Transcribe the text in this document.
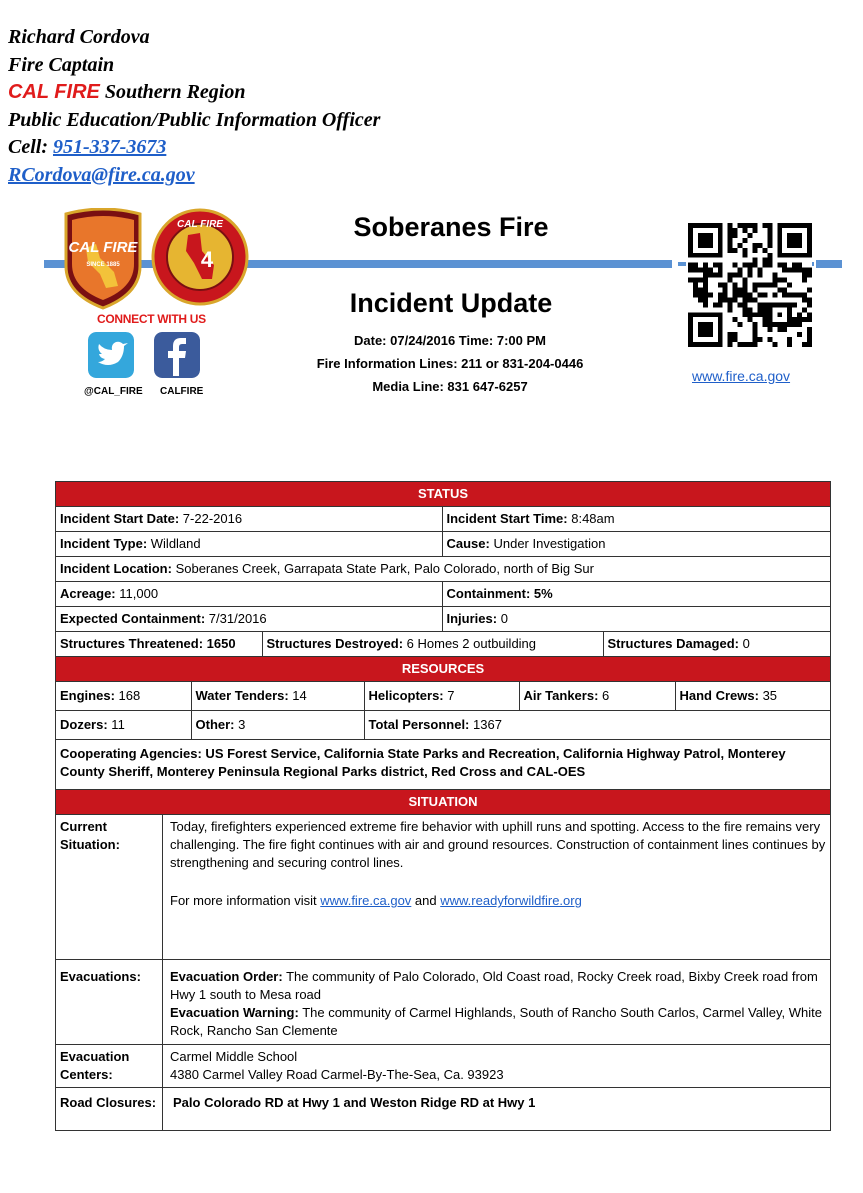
Richard Cordova
Fire Captain
CAL FIRE Southern Region
Public Education/Public Information Officer
Cell: 951-337-3673
RCordova@fire.ca.gov
CAL FIRE
SINCE 1885
CAL FIRE
4
CONNECT WITH US
@CAL_FIRE CALFIRE
Soberanes Fire
Incident Update
Date: 07/24/2016 Time: 7:00 PM
Fire Information Lines: 211 or 831-204-0446
Media Line: 831 647-6257
www.fire.ca.gov
STATUS

Incident Start Date: 7-22-2016	Incident Start Time: 8:48am
Incident Type: Wildland	Cause: Under Investigation
Incident Location: Soberanes Creek, Garrapata State Park, Palo Colorado, north of Big Sur
Acreage: 11,000	Containment: 5%
Expected Containment: 7/31/2016	Injuries: 0
Structures Threatened: 1650	Structures Destroyed: 6 Homes 2 outbuilding	Structures Damaged: 0

RESOURCES

Engines: 168	Water Tenders: 14	Helicopters: 7	Air Tankers: 6	Hand Crews: 35
Dozers: 11	Other: 3	Total Personnel: 1367
Cooperating Agencies: US Forest Service, California State Parks and Recreation, California Highway Patrol, Monterey County Sheriff, Monterey Peninsula Regional Parks district, Red Cross and CAL-OES

SITUATION
Current Situation:	
Today, firefighters experienced extreme fire behavior with uphill runs and spotting. Access to the fire remains very challenging. The fire fight continues with air and ground resources. Construction of containment lines continues by strengthening and securing control lines.
For more information visit www.fire.ca.gov and www.readyforwildfire.org

Evacuations:	Evacuation Order: The community of Palo Colorado, Old Coast road, Rocky Creek road, Bixby Creek road from Hwy 1 south to Mesa road
Evacuation Warning: The community of Carmel Highlands, South of Rancho South Carlos, Carmel Valley, White Rock, Rancho San Clemente

Evacuation Centers:	
Carmel Middle School
4380 Carmel Valley Road Carmel-By-The-Sea, Ca. 93923

Road Closures:	Palo Colorado RD at Hwy 1 and Weston Ridge RD at Hwy 1
